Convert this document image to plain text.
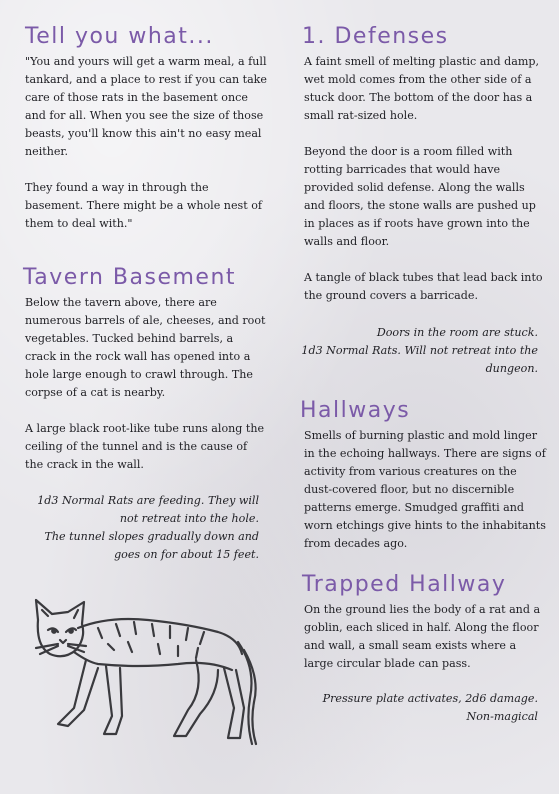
Tell you what...

"You and yours will get a warm meal, a full tankard, and a place to rest if you can take care of those rats in the basement once and for all. When you see the size of those beasts, you'll know this ain't no easy meal neither.

They found a way in through the basement. There might be a whole nest of them to deal with."

Tavern Basement

Below the tavern above, there are numerous barrels of ale, cheeses, and root vegetables. Tucked behind barrels, a crack in the rock wall has opened into a hole large enough to crawl through. The corpse of a cat is nearby.

A large black root-like tube runs along the ceiling of the tunnel and is the cause of the crack in the wall.

1d3 Normal Rats are feeding. They will not retreat into the hole.

The tunnel slopes gradually down and goes on for about 15 feet.

1. Defenses

A faint smell of melting plastic and damp, wet mold comes from the other side of a stuck door. The bottom of the door has a small rat-sized hole.

Beyond the door is a room filled with rotting barricades that would have provided solid defense. Along the walls and floors, the stone walls are pushed up in places as if roots have grown into the walls and floor.

A tangle of black tubes that lead back into the ground covers a barricade.

Doors in the room are stuck.

1d3 Normal Rats. Will not retreat into the dungeon.

Hallways

Smells of burning plastic and mold linger in the echoing hallways. There are signs of activity from various creatures on the dust-covered floor, but no discernible patterns emerge. Smudged graffiti and worn etchings give hints to the inhabitants from decades ago.

Trapped Hallway

On the ground lies the body of a rat and a goblin, each sliced in half. Along the floor and wall, a small seam exists where a large circular blade can pass.

Pressure plate activates, 2d6 damage. Non-magical
